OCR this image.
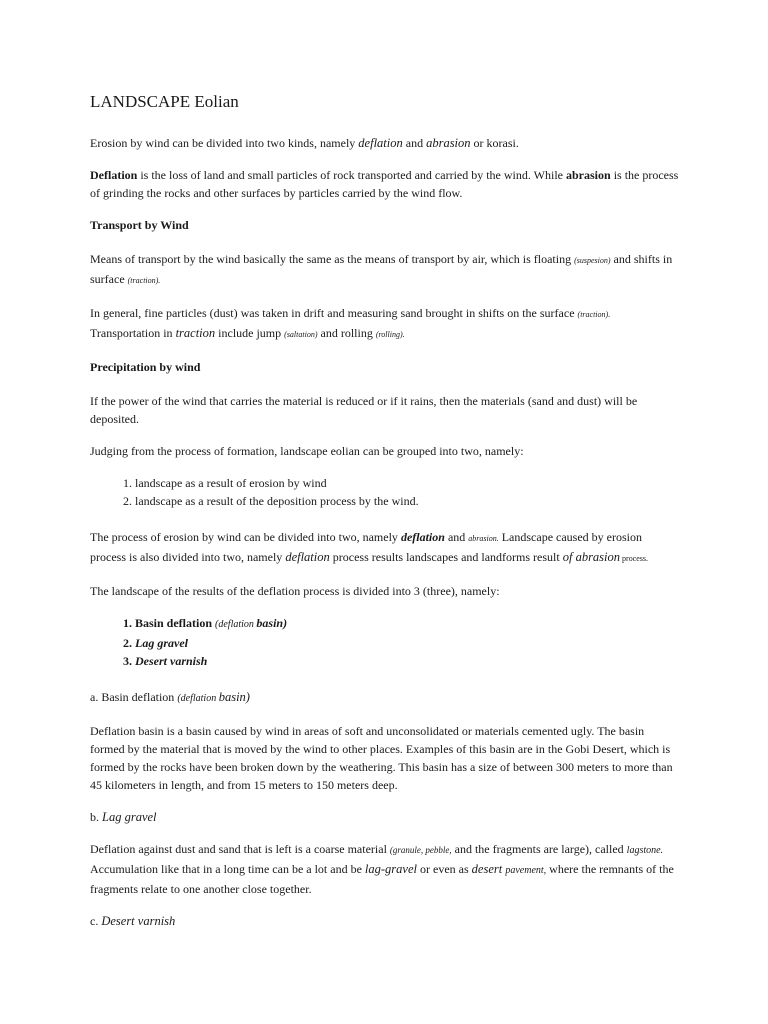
LANDSCAPE Eolian

Erosion by wind can be divided into two kinds, namely deflation and abrasion or korasi.

Deflation is the loss of land and small particles of rock transported and carried by the wind. While abrasion is the process of grinding the rocks and other surfaces by particles carried by the wind flow.

Transport by Wind

Means of transport by the wind basically the same as the means of transport by air, which is floating (suspesion) and shifts in surface (traction).

In general, fine particles (dust) was taken in drift and measuring sand brought in shifts on the surface (traction). Transportation in traction include jump (saltation) and rolling (rolling).

Precipitation by wind

If the power of the wind that carries the material is reduced or if it rains, then the materials (sand and dust) will be deposited.

Judging from the process of formation, landscape eolian can be grouped into two, namely:

1. landscape as a result of erosion by wind
2. landscape as a result of the deposition process by the wind.

The process of erosion by wind can be divided into two, namely deflation and abrasion. Landscape caused by erosion process is also divided into two, namely deflation process results landscapes and landforms result of abrasion process.

The landscape of the results of the deflation process is divided into 3 (three), namely:

1. Basin deflation (deflation basin)
2. Lag gravel
3. Desert varnish

a. Basin deflation (deflation basin)

Deflation basin is a basin caused by wind in areas of soft and unconsolidated or materials cemented ugly. The basin formed by the material that is moved by the wind to other places. Examples of this basin are in the Gobi Desert, which is formed by the rocks have been broken down by the weathering. This basin has a size of between 300 meters to more than 45 kilometers in length, and from 15 meters to 150 meters deep.

b. Lag gravel

Deflation against dust and sand that is left is a coarse material (granule, pebble, and the fragments are large), called lagstone. Accumulation like that in a long time can be a lot and be lag-gravel or even as desert pavement, where the remnants of the fragments relate to one another close together.

c. Desert varnish
